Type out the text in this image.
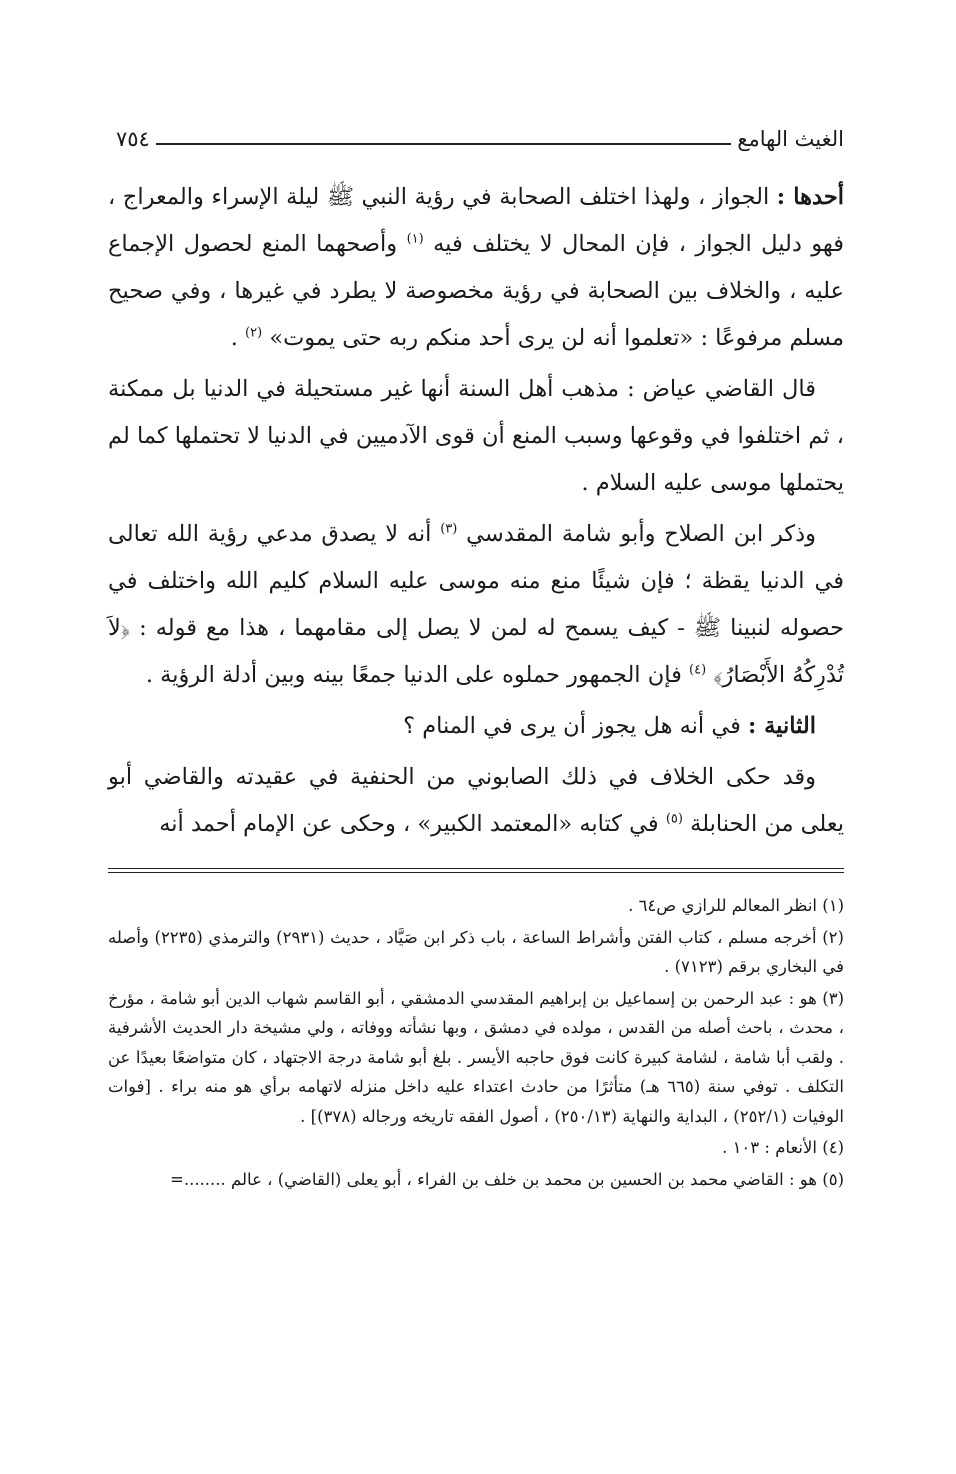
الغيث الهامع
٧٥٤

أحدها : الجواز ، ولهذا اختلف الصحابة في رؤية النبي ﷺ ليلة الإسراء والمعراج ، فهو دليل الجواز ، فإن المحال لا يختلف فيه $^{(١)}$ وأصحهما المنع لحصول الإجماع عليه ، والخلاف بين الصحابة في رؤية مخصوصة لا يطرد في غيرها ، وفي صحيح مسلم مرفوعًا : «تعلموا أنه لن يرى أحد منكم ربه حتى يموت» $^{(٢)}$ .

قال القاضي عياض : مذهب أهل السنة أنها غير مستحيلة في الدنيا بل ممكنة ، ثم اختلفوا في وقوعها وسبب المنع أن قوى الآدميين في الدنيا لا تحتملها كما لم يحتملها موسى عليه السلام .

وذكر ابن الصلاح وأبو شامة المقدسي $^{(٣)}$ أنه لا يصدق مدعي رؤية الله تعالى في الدنيا يقظة ؛ فإن شيئًا منع منه موسى عليه السلام كليم الله واختلف في حصوله لنبينا ﷺ - كيف يسمح له لمن لا يصل إلى مقامهما ، هذا مع قوله : ﴿لاَ تُدْرِكُهُ الأَبْصَارُ﴾ $^{(٤)}$ فإن الجمهور حملوه على الدنيا جمعًا بينه وبين أدلة الرؤية .

الثانية : في أنه هل يجوز أن يرى في المنام ؟

وقد حكى الخلاف في ذلك الصابوني من الحنفية في عقيدته والقاضي أبو يعلى من الحنابلة $^{(٥)}$ في كتابه «المعتمد الكبير» ، وحكى عن الإمام أحمد أنه

(١) انظر المعالم للرازي ص٦٤ .

(٢) أخرجه مسلم ، كتاب الفتن وأشراط الساعة ، باب ذكر ابن صَيَّاد ، حديث (٢٩٣١) والترمذي (٢٢٣٥) وأصله في البخاري برقم (٧١٢٣) .

(٣) هو : عبد الرحمن بن إسماعيل بن إبراهيم المقدسي الدمشقي ، أبو القاسم شهاب الدين أبو شامة ، مؤرخ ، محدث ، باحث أصله من القدس ، مولده في دمشق ، وبها نشأته ووفاته ، ولي مشيخة دار الحديث الأشرفية . ولقب أبا شامة ، لشامة كبيرة كانت فوق حاجبه الأيسر . بلغ أبو شامة درجة الاجتهاد ، كان متواضعًا بعيدًا عن التكلف . توفي سنة (٦٦٥ هـ) متأثرًا من حادث اعتداء عليه داخل منزله لاتهامه برأي هو منه براء . [فوات الوفيات (٢٥٢/١) ، البداية والنهاية (٢٥٠/١٣) ، أصول الفقه تاريخه ورجاله (٣٧٨)] .

(٤) الأنعام : ١٠٣ .

(٥) هو : القاضي محمد بن الحسين بن محمد بن خلف بن الفراء ، أبو يعلى (القاضي) ، عالم ........=
